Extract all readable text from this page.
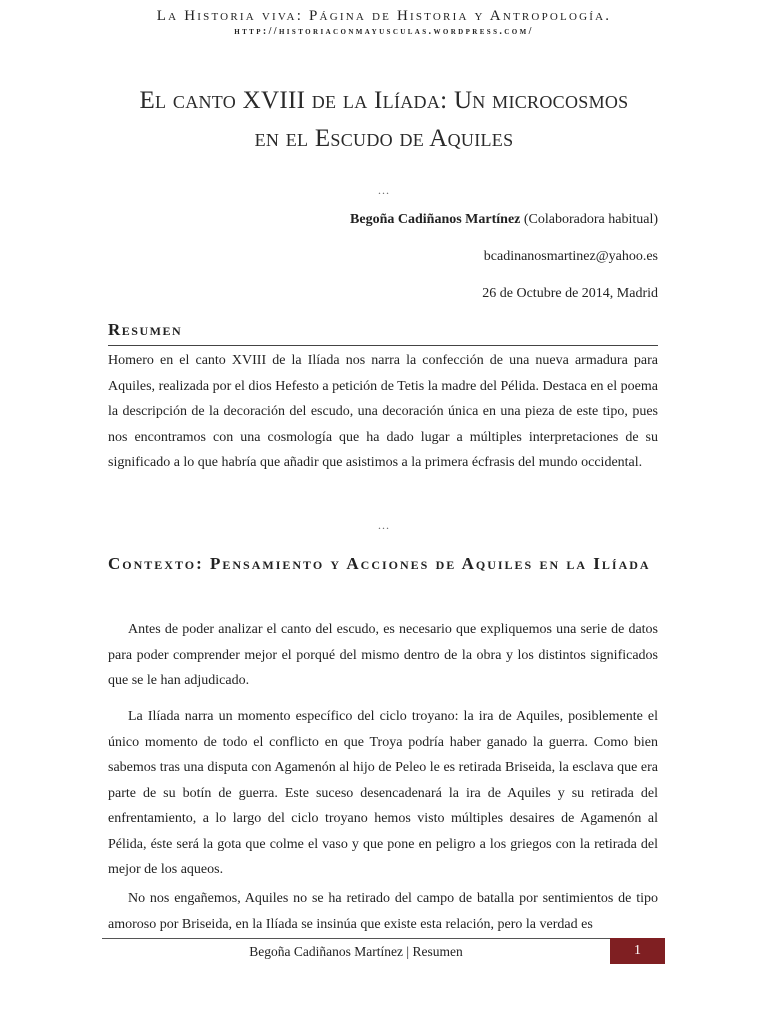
La Historia viva: Página de Historia y Antropología.
http://historiaconmayusculas.wordpress.com/
El canto XVIII de la Ilíada: Un microcosmos
en el Escudo de Aquiles
…
Begoña Cadiñanos Martínez (Colaboradora habitual)
bcadinanosmartinez@yahoo.es
26 de Octubre de 2014, Madrid
Resumen

Homero en el canto XVIII de la Ilíada nos narra la confección de una nueva armadura para Aquiles, realizada por el dios Hefesto a petición de Tetis la madre del Pélida. Destaca en el poema la descripción de la decoración del escudo, una decoración única en una pieza de este tipo, pues nos encontramos con una cosmología que ha dado lugar a múltiples interpretaciones de su significado a lo que habría que añadir que asistimos a la primera écfrasis del mundo occidental.

…
Contexto: Pensamiento y Acciones de Aquiles en la Ilíada

Antes de poder analizar el canto del escudo, es necesario que expliquemos una serie de datos para poder comprender mejor el porqué del mismo dentro de la obra y los distintos significados que se le han adjudicado.

La Ilíada narra un momento específico del ciclo troyano: la ira de Aquiles, posiblemente el único momento de todo el conflicto en que Troya podría haber ganado la guerra. Como bien sabemos tras una disputa con Agamenón al hijo de Peleo le es retirada Briseida, la esclava que era parte de su botín de guerra. Este suceso desencadenará la ira de Aquiles y su retirada del enfrentamiento, a lo largo del ciclo troyano hemos visto múltiples desaires de Agamenón al Pélida, éste será la gota que colme el vaso y que pone en peligro a los griegos con la retirada del mejor de los aqueos.

No nos engañemos, Aquiles no se ha retirado del campo de batalla por sentimientos de tipo amoroso por Briseida, en la Ilíada se insinúa que existe esta relación, pero la verdad es

Begoña Cadiñanos Martínez | Resumen	1
